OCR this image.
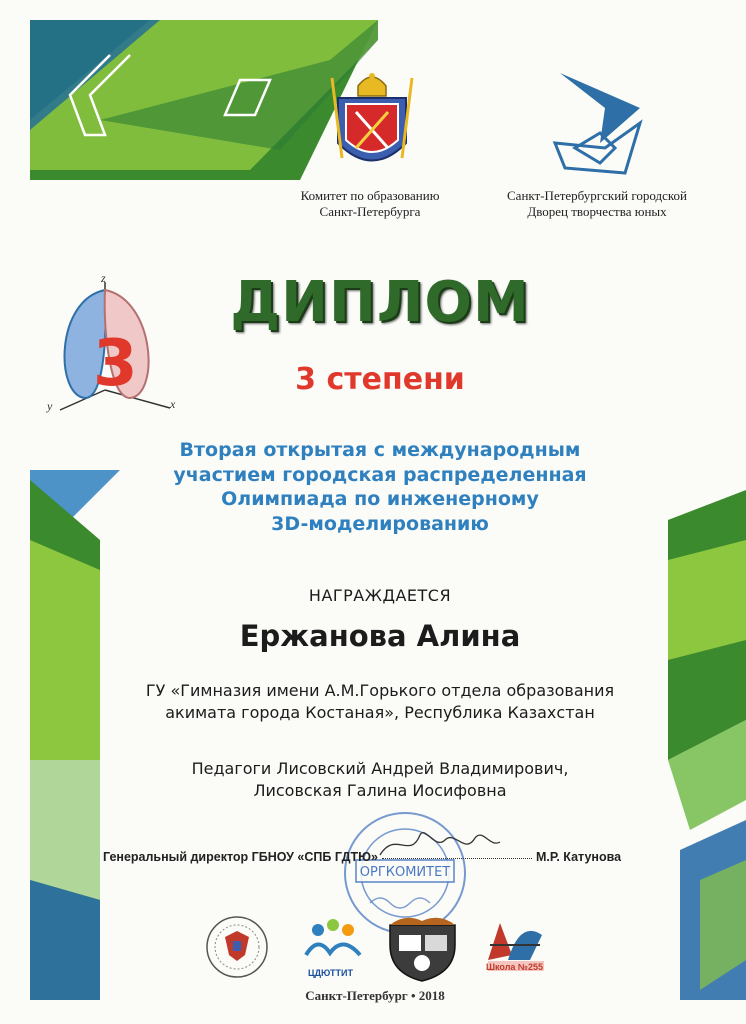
Комитет по образованию
Санкт-Петербурга
Санкт-Петербургский городской
Дворец творчества юных
3
z
y	x
ДИПЛОМ
3 степени
Вторая открытая с международным
участием городская распределенная
Олимпиада по инженерному
3D-моделированию
НАГРАЖДАЕТСЯ
Ержанова Алина
ГУ «Гимназия имени А.М.Горького отдела образования
акимата города Костаная», Республика Казахстан
Педагоги Лисовский Андрей Владимирович,
Лисовская Галина Иосифовна
ОРГКОМИТЕТ
Генеральный директор ГБНОУ «СПБ ГДТЮ»	М.Р. Катунова
ЦДЮТТИТ
Школа №255
Санкт-Петербург • 2018
